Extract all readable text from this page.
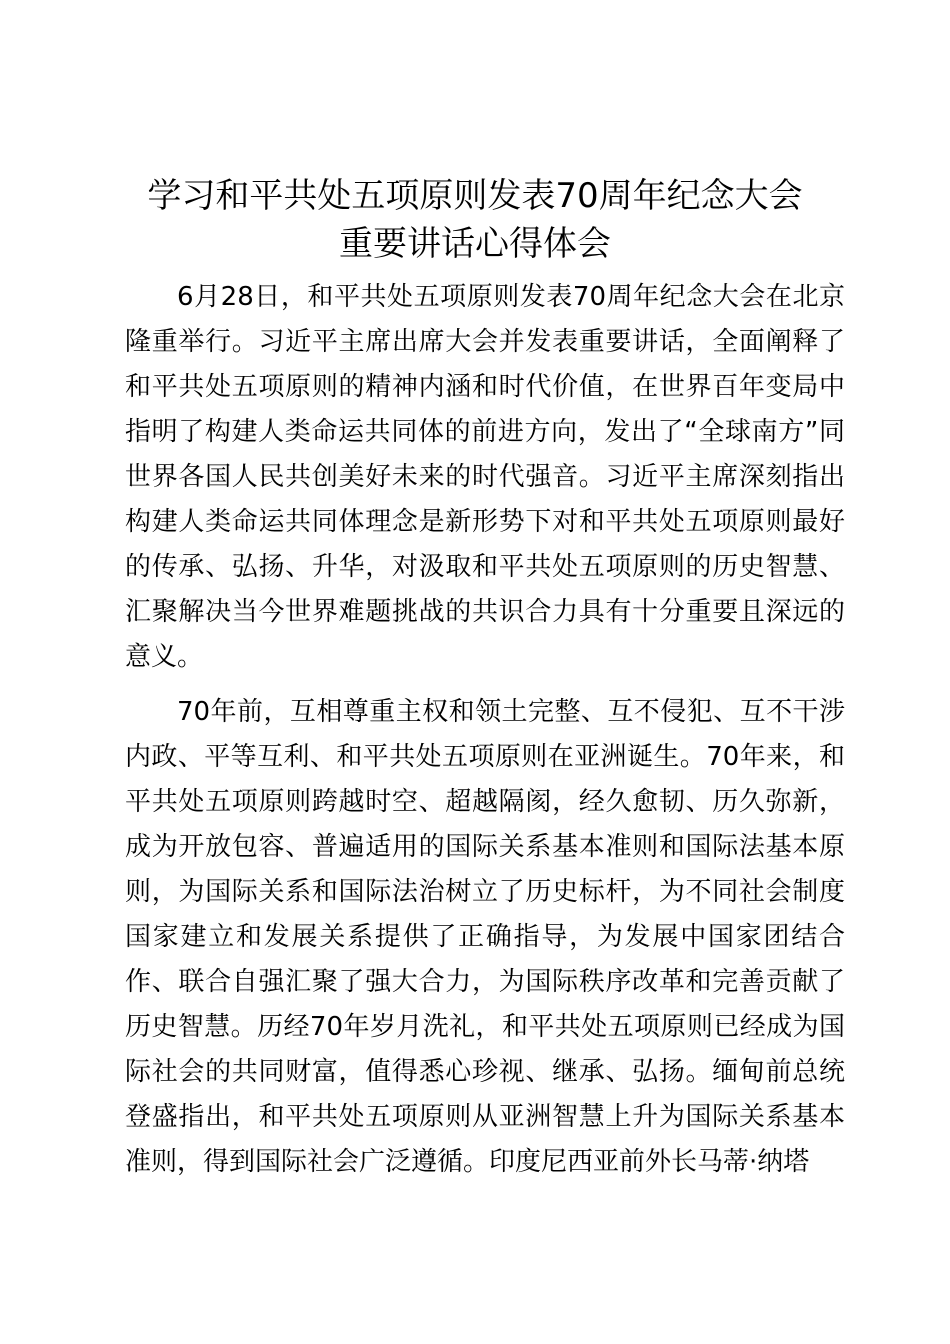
学习和平共处五项原则发表70周年纪念大会
重要讲话心得体会

6月28日，和平共处五项原则发表70周年纪念大会在北京隆重举行。习近平主席出席大会并发表重要讲话，全面阐释了和平共处五项原则的精神内涵和时代价值，在世界百年变局中指明了构建人类命运共同体的前进方向，发出了“全球南方”同世界各国人民共创美好未来的时代强音。习近平主席深刻指出构建人类命运共同体理念是新形势下对和平共处五项原则最好的传承、弘扬、升华，对汲取和平共处五项原则的历史智慧、汇聚解决当今世界难题挑战的共识合力具有十分重要且深远的意义。

70年前，互相尊重主权和领土完整、互不侵犯、互不干涉内政、平等互利、和平共处五项原则在亚洲诞生。70年来，和平共处五项原则跨越时空、超越隔阂，经久愈韧、历久弥新，成为开放包容、普遍适用的国际关系基本准则和国际法基本原则，为国际关系和国际法治树立了历史标杆，为不同社会制度国家建立和发展关系提供了正确指导，为发展中国家团结合作、联合自强汇聚了强大合力，为国际秩序改革和完善贡献了历史智慧。历经70年岁月洗礼，和平共处五项原则已经成为国际社会的共同财富，值得悉心珍视、继承、弘扬。缅甸前总统登盛指出，和平共处五项原则从亚洲智慧上升为国际关系基本准则，得到国际社会广泛遵循。印度尼西亚前外长马蒂·纳塔
